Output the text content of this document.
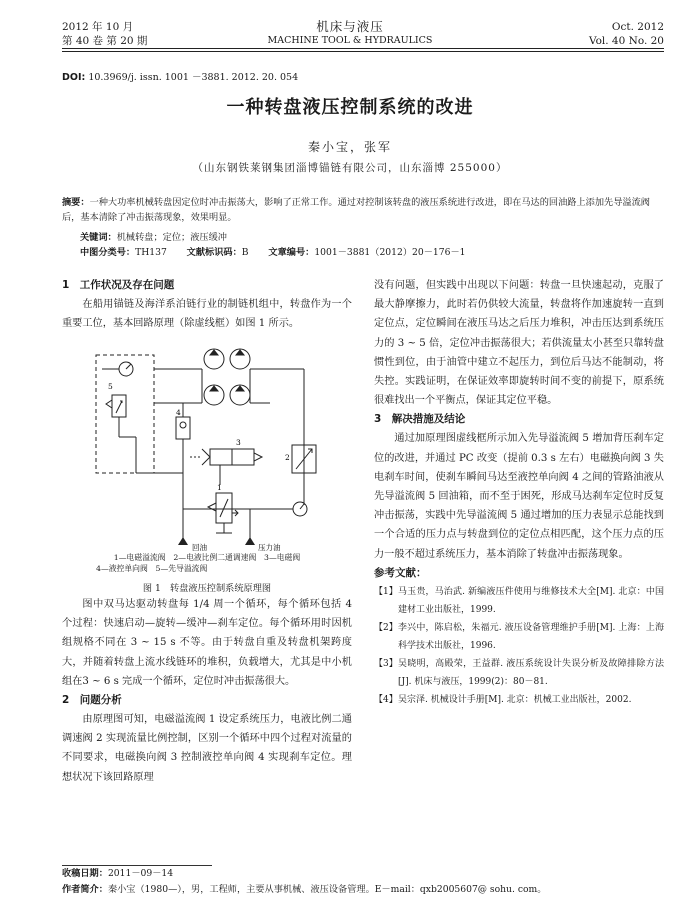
2012 年 10 月
第 40 卷 第 20 期
机床与液压
MACHINE TOOL & HYDRAULICS
Oct. 2012
Vol. 40 No. 20
DOI: 10.3969/j. issn. 1001 －3881. 2012. 20. 054
一种转盘液压控制系统的改进
秦小宝，张军
（山东钢铁莱钢集团淄博锚链有限公司，山东淄博 255000）
摘要：一种大功率机械转盘因定位时冲击振荡大，影响了正常工作。通过对控制该转盘的液压系统进行改进，即在马达的回油路上添加先导溢流阀后，基本清除了冲击振荡现象，效果明显。
关键词：机械转盘；定位；液压缓冲
中图分类号：TH137 文献标识码：B 文章编号：1001－3881（2012）20－176－1
1　工作状况及存在问题

在船用锚链及海洋系泊链行业的制链机组中，转盘作为一个重要工位，基本回路原理（除虚线框）如图 1 所示。

5
4
3
2
1
回油	压力油
1—电磁溢流阀　2—电液比例二通调速阀　3—电磁阀
4—液控单向阀　5—先导溢流阀
图 1　转盘液压控制系统原理图

图中双马达驱动转盘每 1/4 周一个循环，每个循环包括 4 个过程：快速启动—旋转—缓冲—刹车定位。每个循环用时因机组规格不同在 3 ~ 15 s 不等。由于转盘自重及转盘机架跨度大，并随着转盘上流水线链环的堆积，负载增大，尤其是中小机组在3 ~ 6 s 完成一个循环，定位时冲击振荡很大。

2　问题分析

由原理图可知，电磁溢流阀 1 设定系统压力，电液比例二通调速阀 2 实现流量比例控制，区别一个循环中四个过程对流量的不同要求，电磁换向阀 3 控制液控单向阀 4 实现刹车定位。理想状况下该回路原理

没有问题，但实践中出现以下问题：转盘一旦快速起动，克服了最大静摩擦力，此时若仍供较大流量，转盘将作加速旋转一直到定位点，定位瞬间在液压马达之后压力堆积，冲击压达到系统压力的 3 ~ 5 倍，定位冲击振荡很大；若供流量太小甚至只靠转盘惯性到位，由于油管中建立不起压力，到位后马达不能制动，将失控。实践证明，在保证效率即旋转时间不变的前提下，原系统很难找出一个平衡点，保证其定位平稳。

3　解决措施及结论

通过加原理图虚线框所示加入先导溢流阀 5 增加背压刹车定位的改进，并通过 PC 改变（提前 0.3 s 左右）电磁换向阀 3 失电刹车时间，使刹车瞬间马达至液控单向阀 4 之间的管路油液从先导溢流阀 5 回油箱，而不至于困死，形成马达刹车定位时反复冲击振荡，实践中先导溢流阀 5 通过增加的压力表显示总能找到一个合适的压力点与转盘到位的定位点相匹配，这个压力点的压力一般不超过系统压力，基本消除了转盘冲击振荡现象。

参考文献：
【1】 马玉贵，马治武. 新编液压件使用与维修技术大全[M]. 北京：中国建材工业出版社，1999.
【2】 李兴中，陈启松，朱福元. 液压设备管理维护手册[M]. 上海：上海科学技术出版社，1996.
【3】 吴晓明，高殿荣，王益群. 液压系统设计失误分析及故障排除方法[J]. 机床与液压，1999(2)：80－81.
【4】 吴宗泽. 机械设计手册[M]. 北京：机械工业出版社，2002.
收稿日期：2011－09－14
作者简介：秦小宝（1980—），男，工程师，主要从事机械、液压设备管理。E－mail：qxb2005607@ sohu. com。
